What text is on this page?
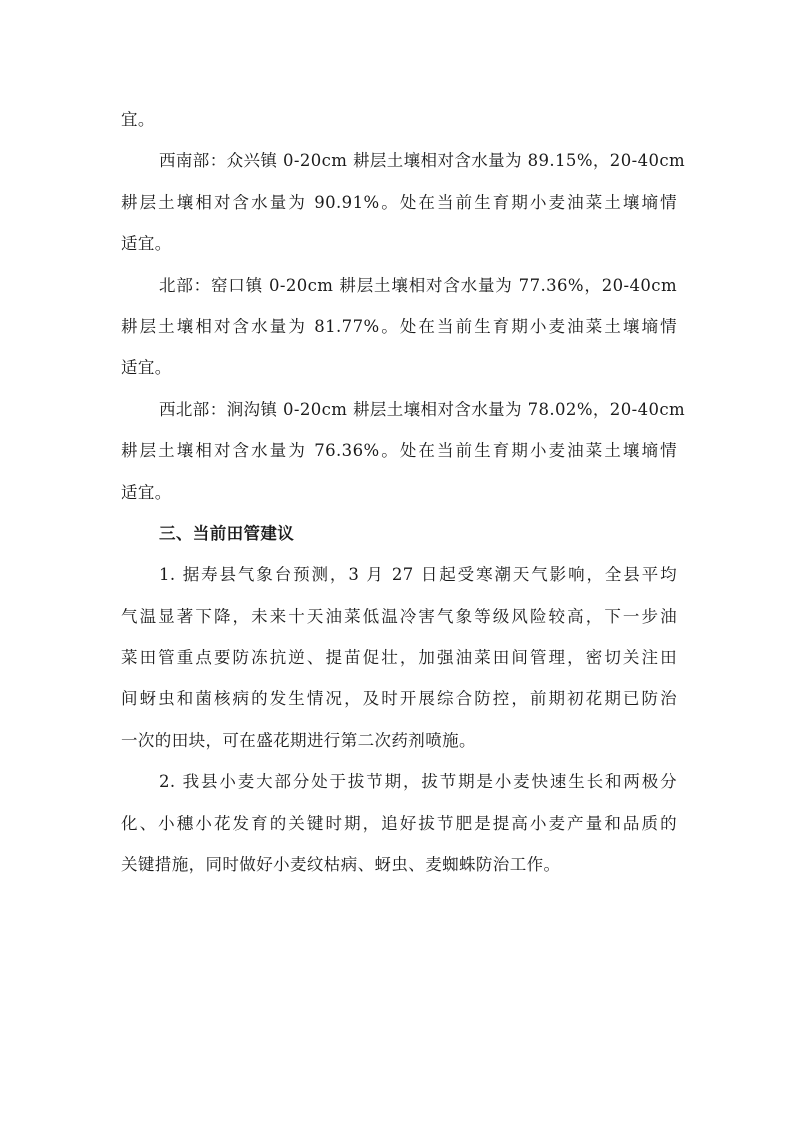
宜。
西南部：众兴镇 0-20cm 耕层土壤相对含水量为 89.15%，20-40cm
耕层土壤相对含水量为 90.91%。处在当前生育期小麦油菜土壤墒情
适宜。
北部：窑口镇 0-20cm 耕层土壤相对含水量为 77.36%，20-40cm
耕层土壤相对含水量为 81.77%。处在当前生育期小麦油菜土壤墒情
适宜。
西北部：涧沟镇 0-20cm 耕层土壤相对含水量为 78.02%，20-40cm
耕层土壤相对含水量为 76.36%。处在当前生育期小麦油菜土壤墒情
适宜。
三、当前田管建议
1. 据寿县气象台预测，3 月 27 日起受寒潮天气影响，全县平均
气温显著下降，未来十天油菜低温冷害气象等级风险较高，下一步油
菜田管重点要防冻抗逆、提苗促壮，加强油菜田间管理，密切关注田
间蚜虫和菌核病的发生情况，及时开展综合防控，前期初花期已防治
一次的田块，可在盛花期进行第二次药剂喷施。
2. 我县小麦大部分处于拔节期，拔节期是小麦快速生长和两极分
化、小穗小花发育的关键时期，追好拔节肥是提高小麦产量和品质的
关键措施，同时做好小麦纹枯病、蚜虫、麦蜘蛛防治工作。
